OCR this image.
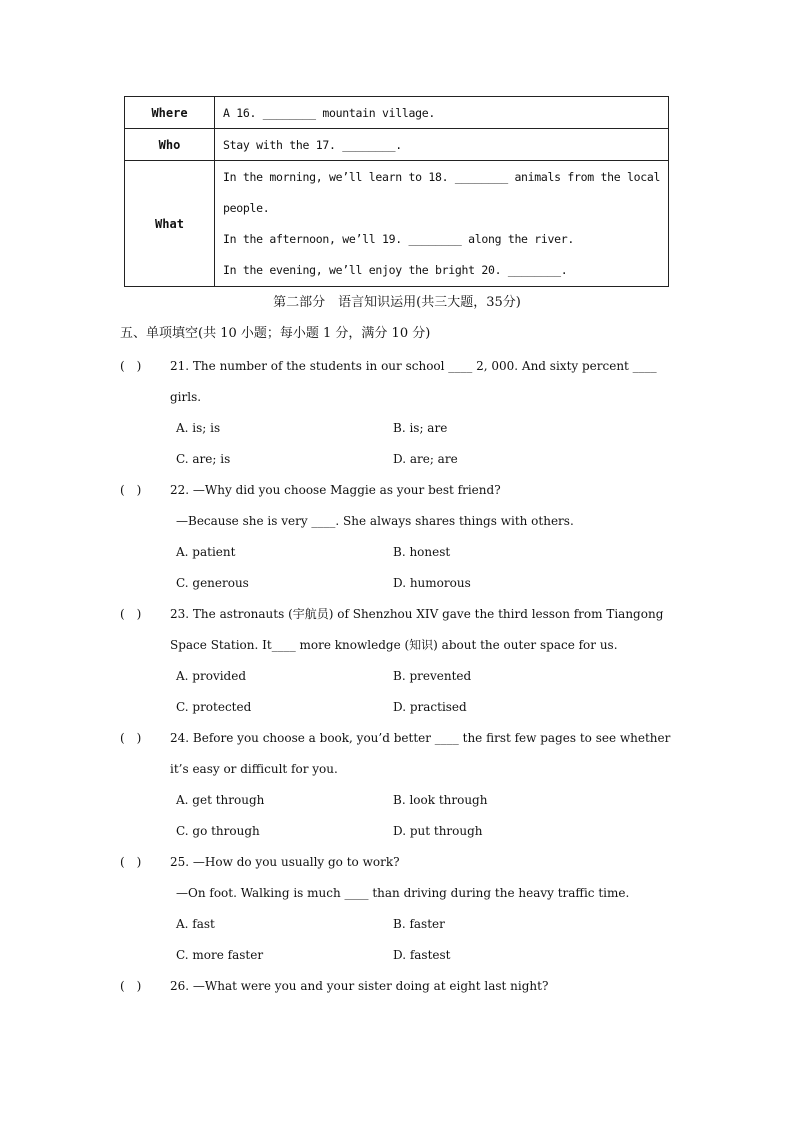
Where	A 16. ________ mountain village.
Who	Stay with the 17. ________.
What	In the morning, we’ll learn to 18. ________ animals from the local
people.
In the afternoon, we’ll 19. ________ along the river.
In the evening, we’ll enjoy the bright 20. ________.
第二部分　语言知识运用(共三大题，35分)
五、单项填空(共 10 小题；每小题 1 分，满分 10 分)
(　) 21. The number of the students in our school ____ 2, 000. And sixty percent ____
girls.
A. is; is	B. is; are
C. are; is	D. are; are
(　) 22. —Why did you choose Maggie as your best friend?
—Because she is very ____. She always shares things with others.
A. patient	B. honest
C. generous	D. humorous
(　) 23. The astronauts (宇航员) of Shenzhou XIV gave the third lesson from Tiangong
Space Station. It____ more knowledge (知识) about the outer space for us.
A. provided	B. prevented
C. protected	D. practised
(　) 24. Before you choose a book, you’d better ____ the first few pages to see whether
it’s easy or difficult for you.
A. get through	B. look through
C. go through	D. put through
(　) 25. —How do you usually go to work?
—On foot. Walking is much ____ than driving during the heavy traffic time.
A. fast	B. faster
C. more faster	D. fastest
(　) 26. —What were you and your sister doing at eight last night?
